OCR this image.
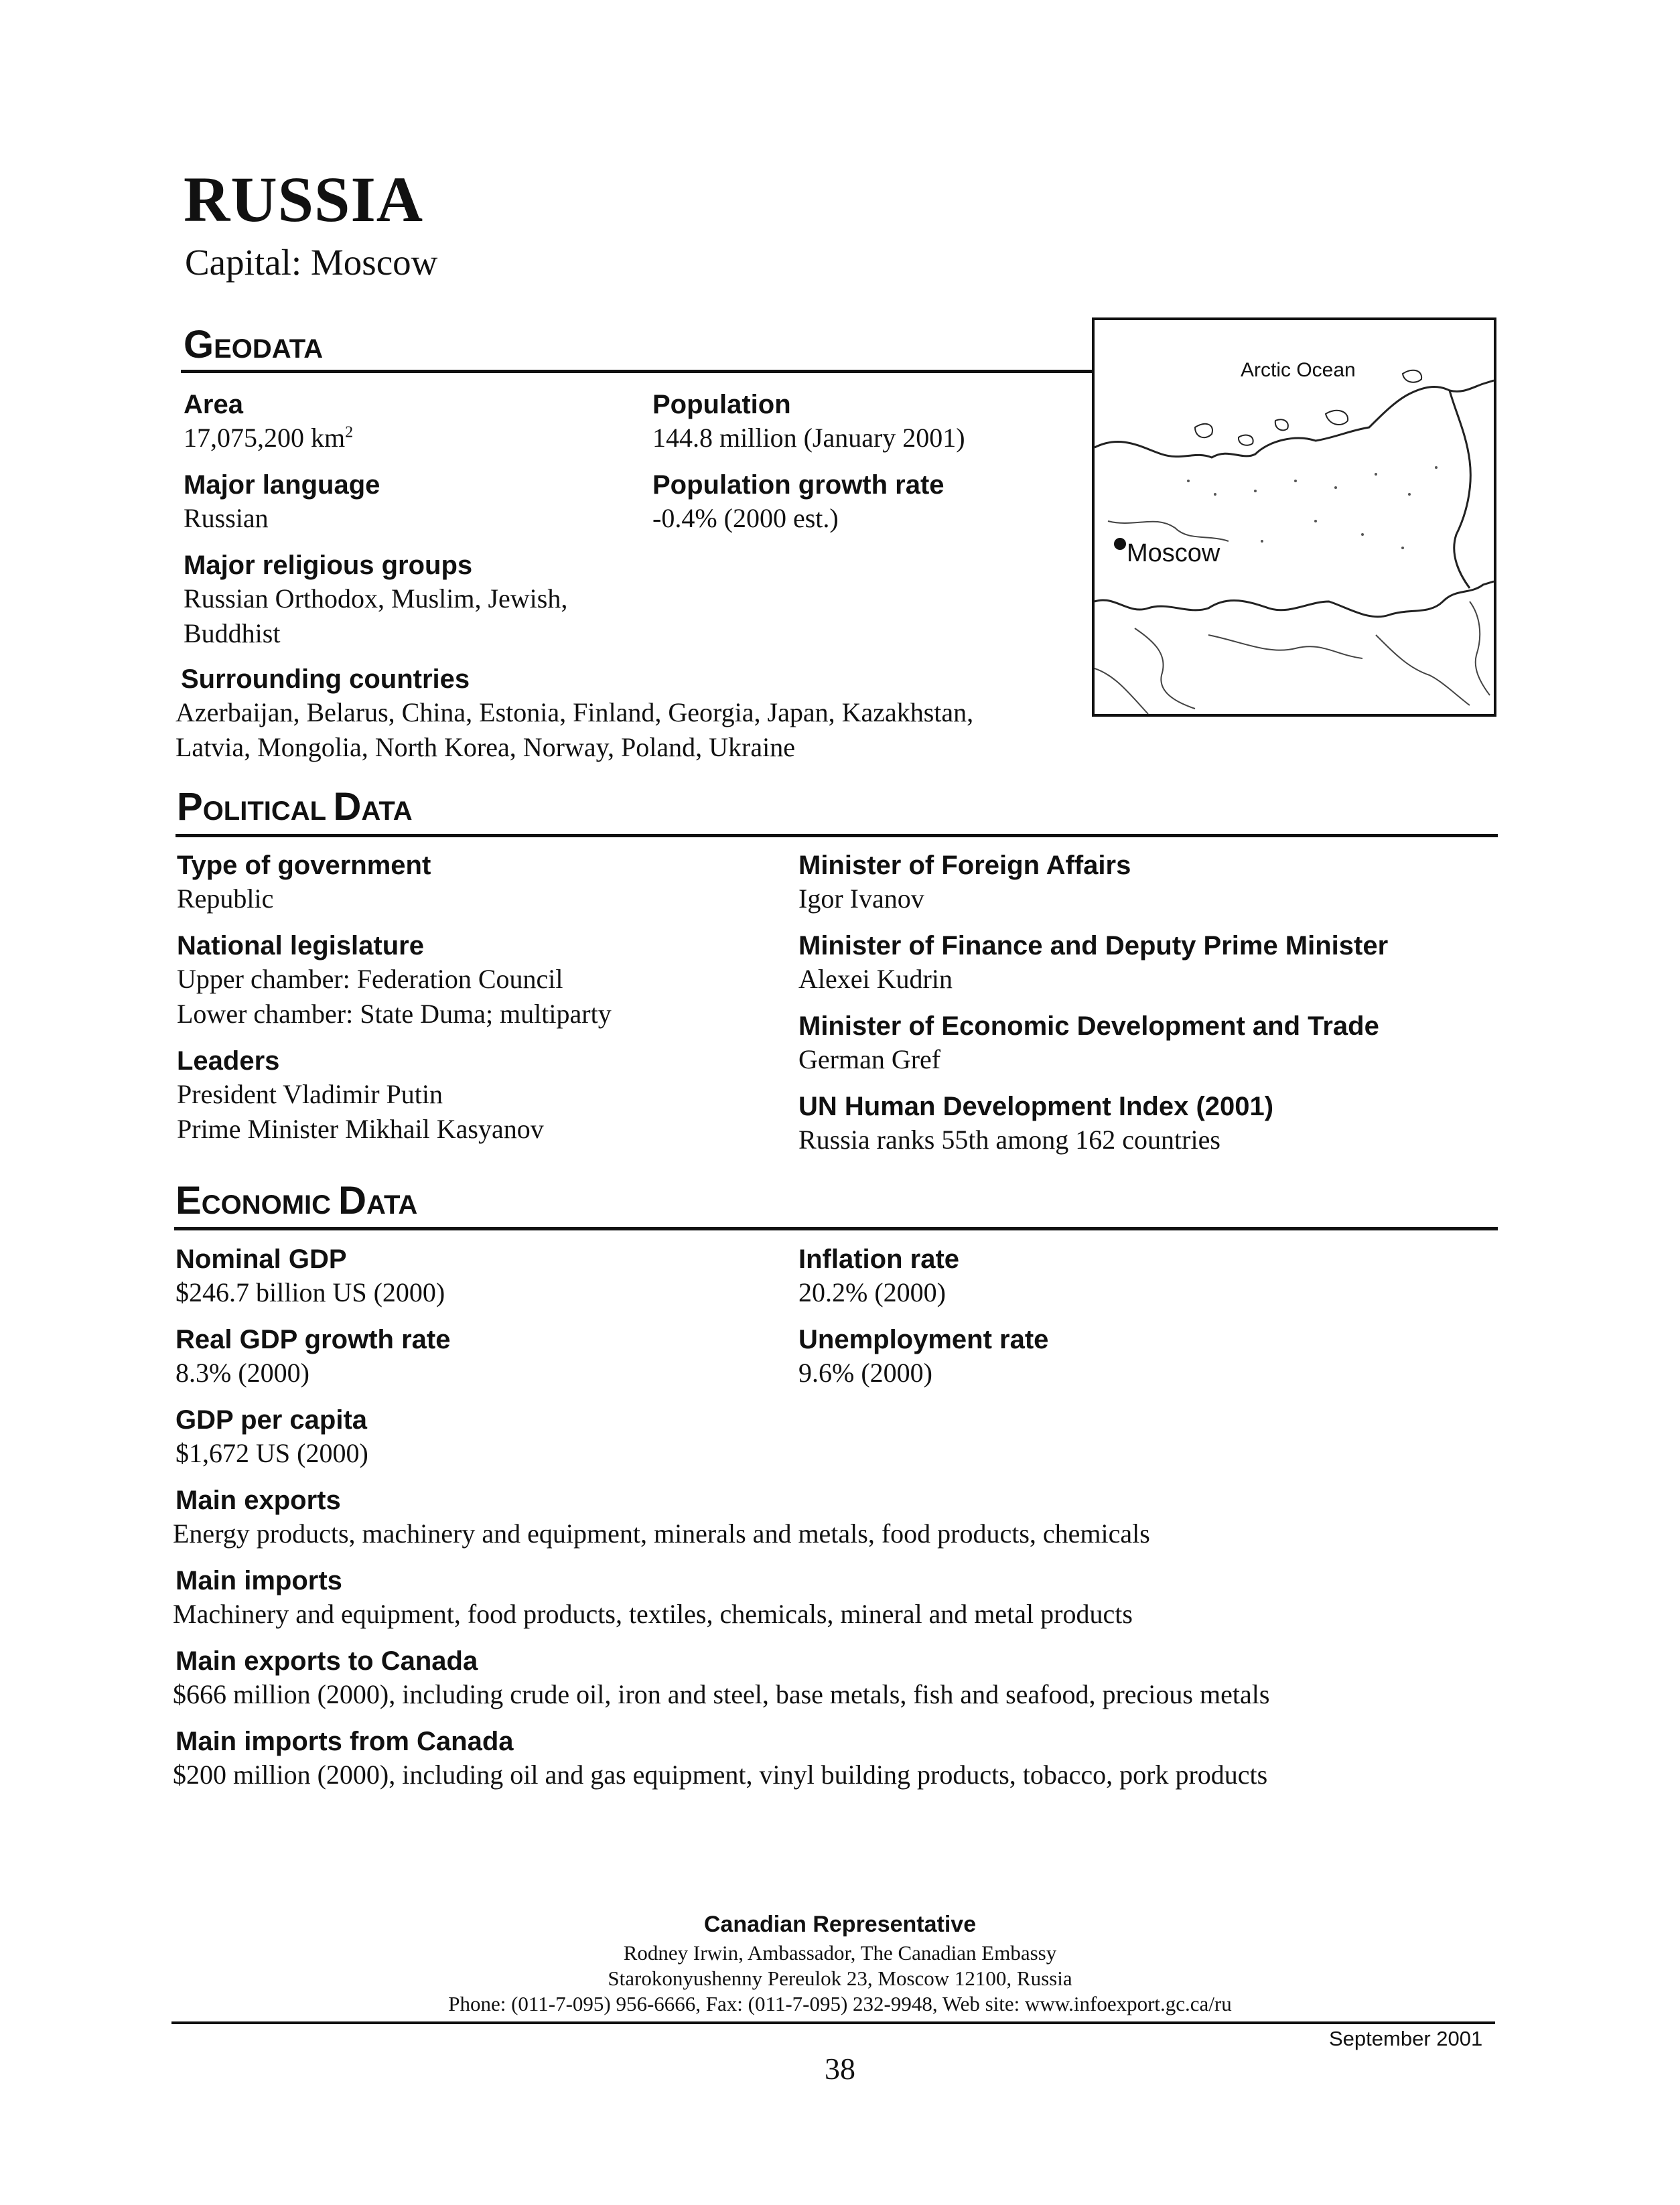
RUSSIA
Capital: Moscow
GEODATA
Area
17,075,200 $km^2$
Population
144.8 million (January 2001)
Major language
Russian
Population growth rate
-0.4% (2000 est.)
Major religious groups
Russian Orthodox, Muslim, Jewish,
Buddhist
Surrounding countries
Azerbaijan, Belarus, China, Estonia, Finland, Georgia, Japan, Kazakhstan,
Latvia, Mongolia, North Korea, Norway, Poland, Ukraine
Arctic Ocean
Moscow
POLITICAL DATA
Type of government
Republic
National legislature
Upper chamber: Federation Council
Lower chamber: State Duma; multiparty
Leaders
President Vladimir Putin
Prime Minister Mikhail Kasyanov
Minister of Foreign Affairs
Igor Ivanov
Minister of Finance and Deputy Prime Minister
Alexei Kudrin
Minister of Economic Development and Trade
German Gref
UN Human Development Index (2001)
Russia ranks 55th among 162 countries
ECONOMIC DATA
Nominal GDP
$246.7 billion US (2000)
Real GDP growth rate
8.3% (2000)
GDP per capita
$1,672 US (2000)
Inflation rate
20.2% (2000)
Unemployment rate
9.6% (2000)
Main exports
Energy products, machinery and equipment, minerals and metals, food products, chemicals
Main imports
Machinery and equipment, food products, textiles, chemicals, mineral and metal products
Main exports to Canada
$666 million (2000), including crude oil, iron and steel, base metals, fish and seafood, precious metals
Main imports from Canada
$200 million (2000), including oil and gas equipment, vinyl building products, tobacco, pork products
Canadian Representative
Rodney Irwin, Ambassador, The Canadian Embassy
Starokonyushenny Pereulok 23, Moscow 12100, Russia
Phone: (011-7-095) 956-6666, Fax: (011-7-095) 232-9948, Web site: www.infoexport.gc.ca/ru
September 2001
38
